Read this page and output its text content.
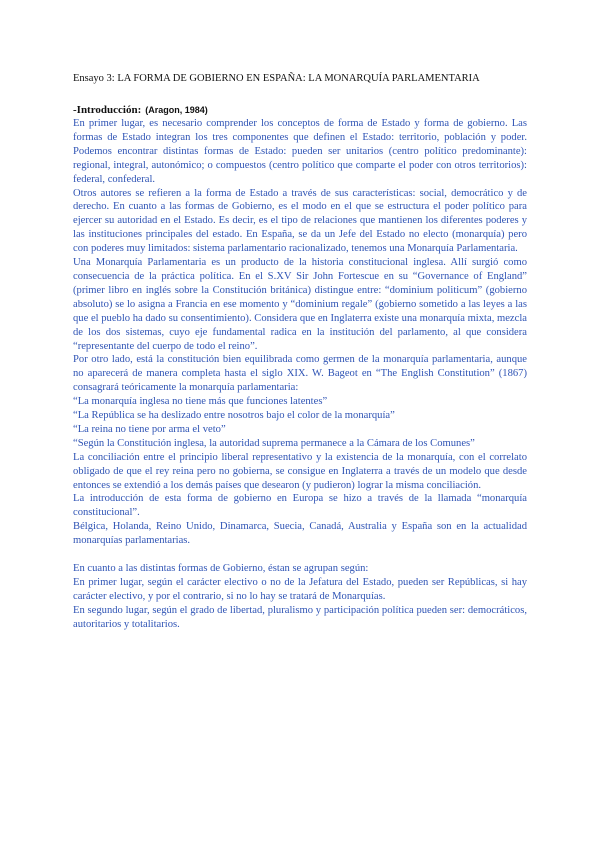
Ensayo 3: LA FORMA DE GOBIERNO EN ESPAÑA: LA MONARQUÍA PARLAMENTARIA
-Introducción: (Aragon, 1984)

En primer lugar, es necesario comprender los conceptos de forma de Estado y forma de gobierno. Las formas de Estado integran los tres componentes que definen el Estado: territorio, población y poder. Podemos encontrar distintas formas de Estado: pueden ser unitarios (centro político predominante): regional, integral, autonómico; o compuestos (centro político que comparte el poder con otros territorios): federal, confederal.

Otros autores se refieren a la forma de Estado a través de sus características: social, democrático y de derecho. En cuanto a las formas de Gobierno, es el modo en el que se estructura el poder político para ejercer su autoridad en el Estado. Es decir, es el tipo de relaciones que mantienen los diferentes poderes y las instituciones principales del estado. En España, se da un Jefe del Estado no electo (monarquía) pero con poderes muy limitados: sistema parlamentario racionalizado, tenemos una Monarquía Parlamentaria.

Una Monarquía Parlamentaria es un producto de la historia constitucional inglesa. Allí surgió como consecuencia de la práctica política. En el S.XV Sir John Fortescue en su “Governance of England” (primer libro en inglés sobre la Constitución británica) distingue entre: “dominium politicum” (gobierno absoluto) se lo asigna a Francia en ese momento y “dominium regale” (gobierno sometido a las leyes a las que el pueblo ha dado su consentimiento). Considera que en Inglaterra existe una monarquía mixta, mezcla de los dos sistemas, cuyo eje fundamental radica en la institución del parlamento, al que considera “representante del cuerpo de todo el reino”.

Por otro lado, está la constitución bien equilibrada como germen de la monarquía parlamentaria, aunque no aparecerá de manera completa hasta el siglo XIX. W. Bageot en “The English Constitution” (1867) consagrará teóricamente la monarquía parlamentaria:

“La monarquía inglesa no tiene más que funciones latentes”

“La República se ha deslizado entre nosotros bajo el color de la monarquía”

“La reina no tiene por arma el veto”

“Según la Constitución inglesa, la autoridad suprema permanece a la Cámara de los Comunes”

La conciliación entre el principio liberal representativo y la existencia de la monarquía, con el correlato obligado de que el rey reina pero no gobierna, se consigue en Inglaterra a través de un modelo que desde entonces se extendió a los demás países que desearon (y pudieron) lograr la misma conciliación.

La introducción de esta forma de gobierno en Europa se hizo a través de la llamada “monarquía constitucional”.

Bélgica, Holanda, Reino Unido, Dinamarca, Suecia, Canadá, Australia y España son en la actualidad monarquías parlamentarias.

En cuanto a las distintas formas de Gobierno, éstan se agrupan según:

En primer lugar, según el carácter electivo o no de la Jefatura del Estado, pueden ser Repúblicas, si hay carácter electivo, y por el contrario, si no lo hay se tratará de Monarquías.

En segundo lugar, según el grado de libertad, pluralismo y participación política pueden ser: democráticos, autoritarios y totalitarios.
